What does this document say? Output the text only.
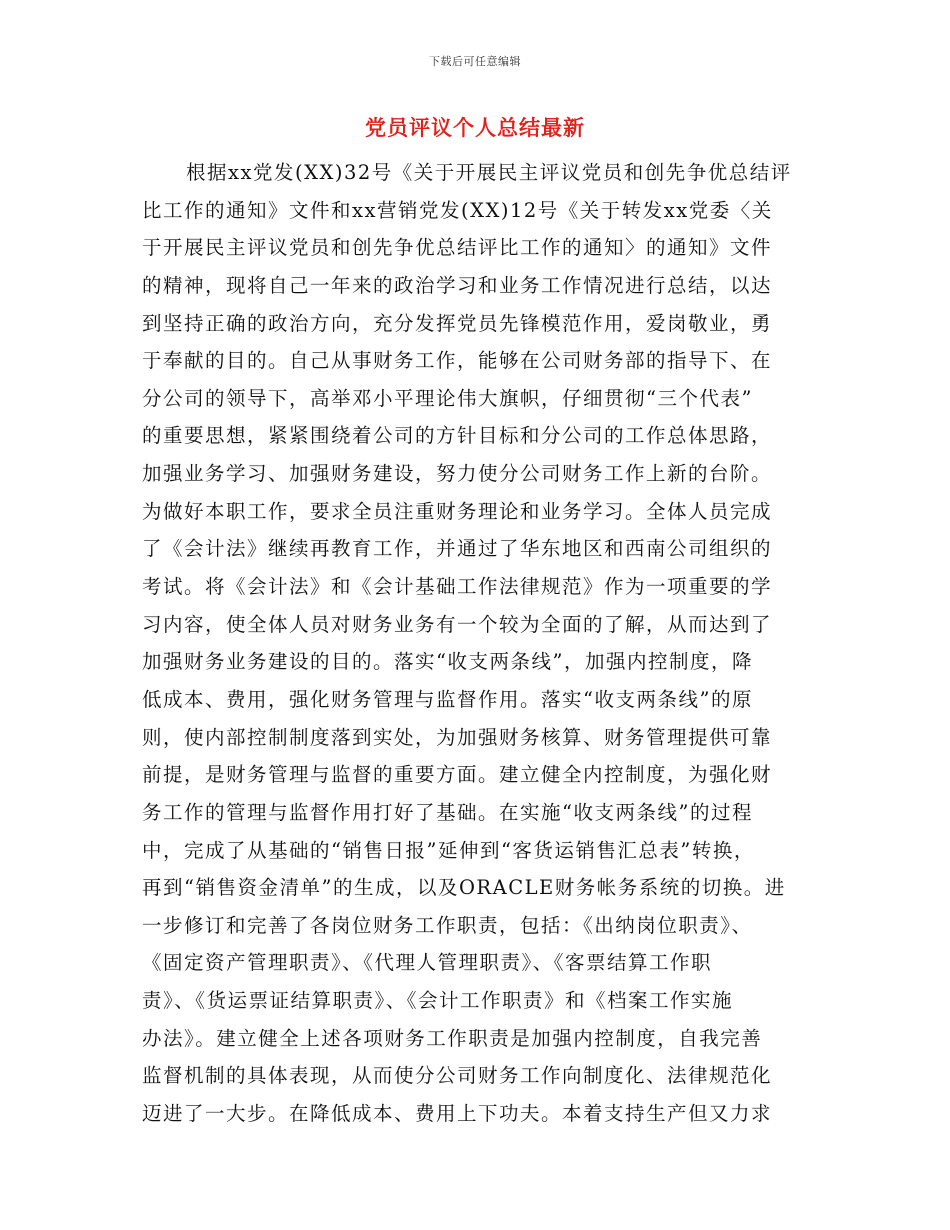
下载后可任意编辑
党员评议个人总结最新
根据xx党发(XX)32号《关于开展民主评议党员和创先争优总结评
比工作的通知》文件和xx营销党发(XX)12号《关于转发xx党委〈关
于开展民主评议党员和创先争优总结评比工作的通知〉的通知》文件
的精神，现将自己一年来的政治学习和业务工作情况进行总结，以达
到坚持正确的政治方向，充分发挥党员先锋模范作用，爱岗敬业，勇
于奉献的目的。自己从事财务工作，能够在公司财务部的指导下、在
分公司的领导下，高举邓小平理论伟大旗帜，仔细贯彻“三个代表”
的重要思想，紧紧围绕着公司的方针目标和分公司的工作总体思路，
加强业务学习、加强财务建设，努力使分公司财务工作上新的台阶。
为做好本职工作，要求全员注重财务理论和业务学习。全体人员完成
了《会计法》继续再教育工作，并通过了华东地区和西南公司组织的
考试。将《会计法》和《会计基础工作法律规范》作为一项重要的学
习内容，使全体人员对财务业务有一个较为全面的了解，从而达到了
加强财务业务建设的目的。落实“收支两条线”，加强内控制度，降
低成本、费用，强化财务管理与监督作用。落实“收支两条线”的原
则，使内部控制制度落到实处，为加强财务核算、财务管理提供可靠
前提，是财务管理与监督的重要方面。建立健全内控制度，为强化财
务工作的管理与监督作用打好了基础。在实施“收支两条线”的过程
中，完成了从基础的“销售日报”延伸到“客货运销售汇总表”转换，
再到“销售资金清单”的生成，以及ORACLE财务帐务系统的切换。进
一步修订和完善了各岗位财务工作职责，包括：《出纳岗位职责》、
《固定资产管理职责》、《代理人管理职责》、《客票结算工作职
责》、《货运票证结算职责》、《会计工作职责》和《档案工作实施
办法》。建立健全上述各项财务工作职责是加强内控制度，自我完善
监督机制的具体表现，从而使分公司财务工作向制度化、法律规范化
迈进了一大步。在降低成本、费用上下功夫。本着支持生产但又力求
